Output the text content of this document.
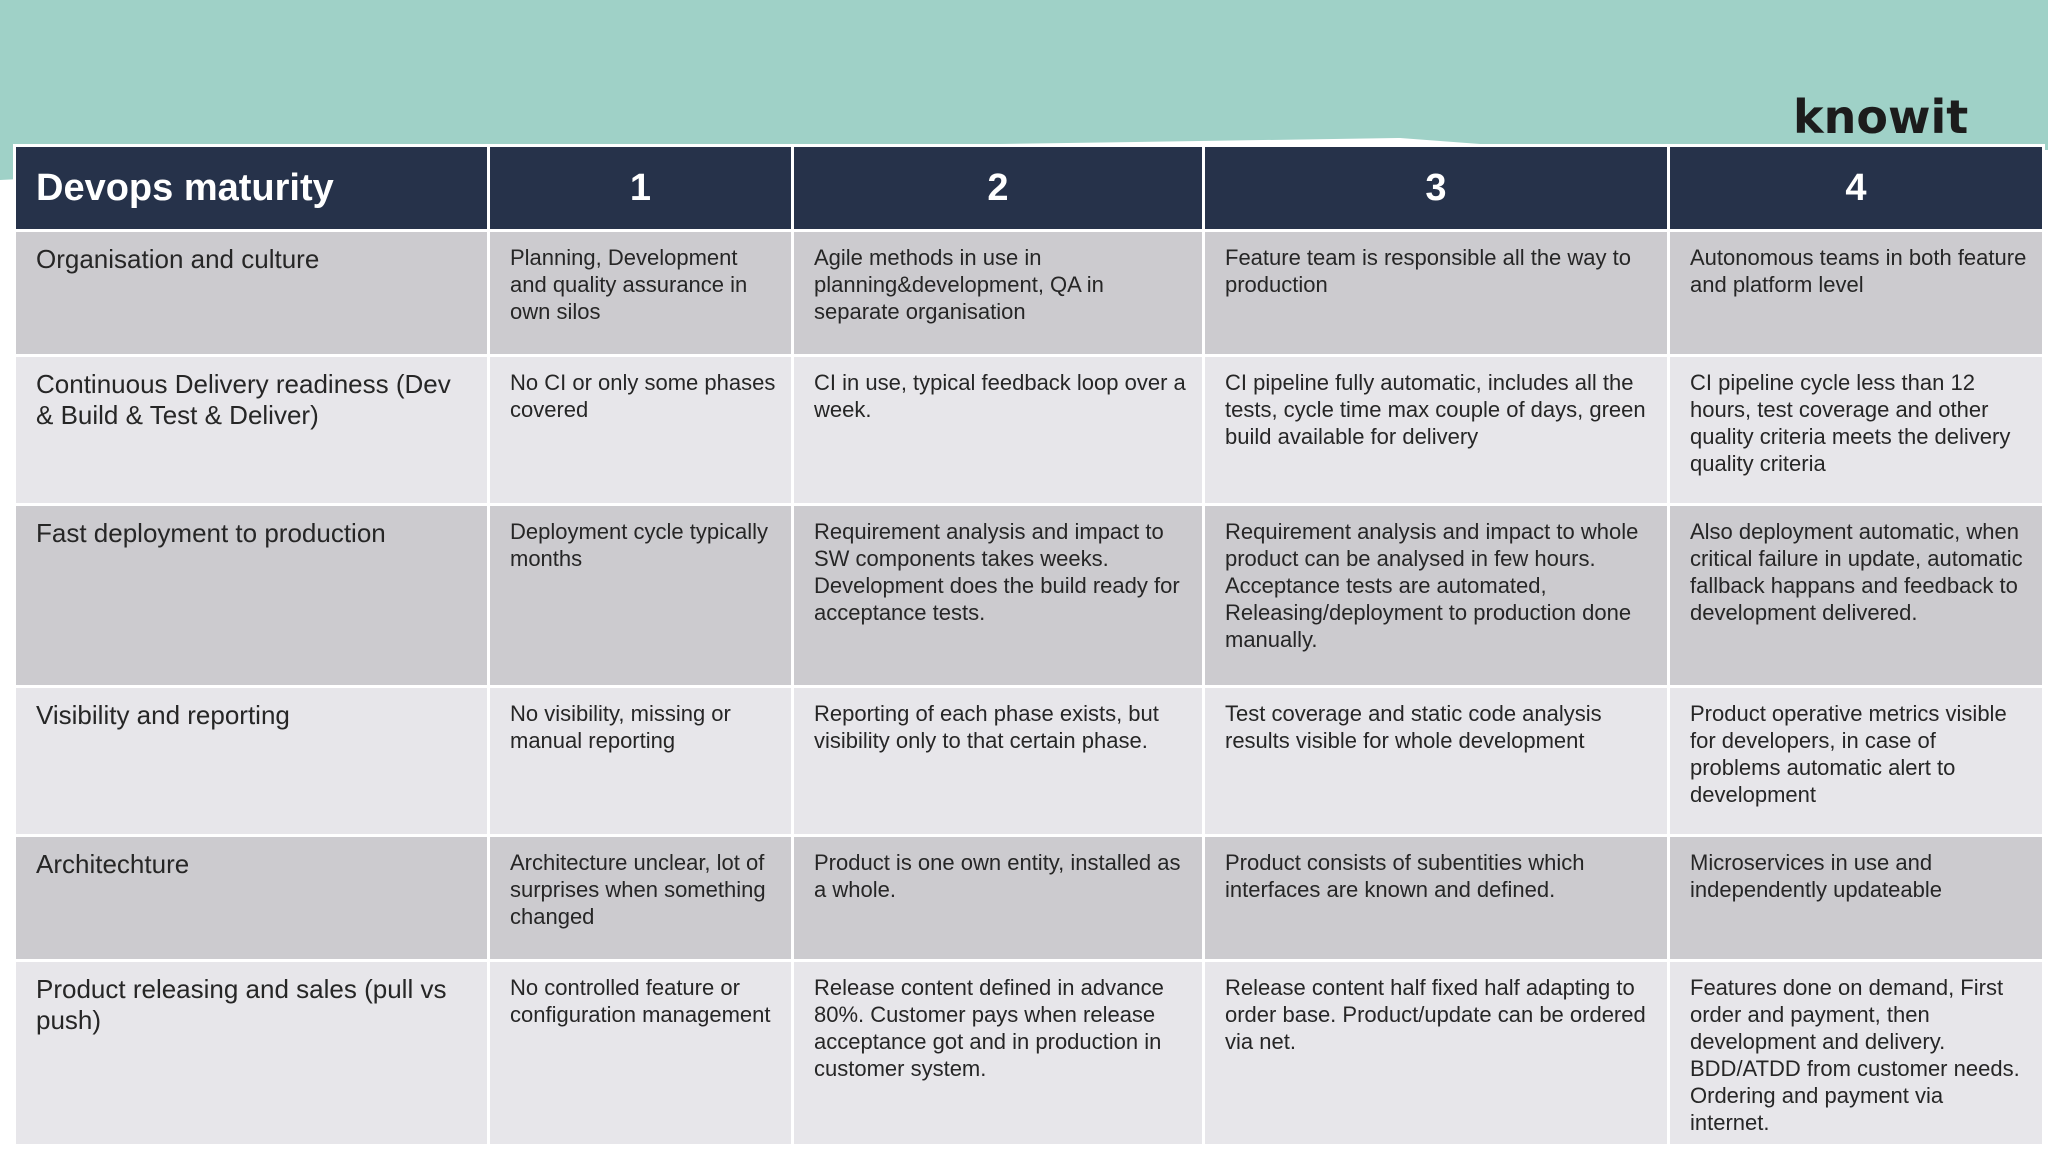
knowit
Devops maturity	1	2	3	4
Organisation and culture	Planning, Development and quality assurance in own silos	Agile methods in use in planning&development, QA in separate organisation	Feature team is responsible all the way to production	Autonomous teams in both feature and platform level
Continuous Delivery readiness (Dev & Build & Test & Deliver)	No CI or only some phases covered	CI in use, typical feedback loop over a week.	CI pipeline fully automatic, includes all the tests, cycle time max couple of days, green build available for delivery	CI pipeline cycle less than 12 hours, test coverage and other quality criteria meets the delivery quality criteria
Fast deployment to production	Deployment cycle typically months	Requirement analysis and impact to SW components takes weeks. Development does the build ready for acceptance tests.	Requirement analysis and impact to whole product can be analysed in few hours. Acceptance tests are automated, Releasing/deployment to production done manually.	Also deployment automatic, when critical failure in update, automatic fallback happans and feedback to development delivered.
Visibility and reporting	No visibility, missing or manual reporting	Reporting of each phase exists, but visibility only to that certain phase.	Test coverage and static code analysis results visible for whole development	Product operative metrics visible for developers, in case of problems automatic alert to development
Architechture	Architecture unclear, lot of surprises when something changed	Product is one own entity, installed as a whole.	Product consists of subentities which interfaces are known and defined.	Microservices in use and independently updateable
Product releasing and sales (pull vs push)	No controlled feature or configuration management	Release content defined in advance 80%. Customer pays when release acceptance got and in production in customer system.	Release content half fixed half adapting to order base. Product/update can be ordered via net.	Features done on demand, First order and payment, then development and delivery. BDD/ATDD from customer needs. Ordering and payment via internet.
